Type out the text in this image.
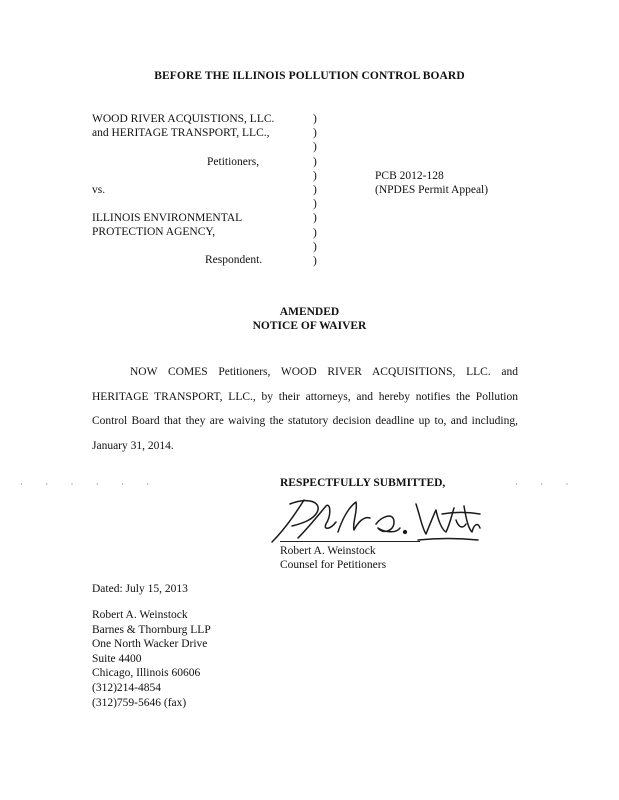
BEFORE THE ILLINOIS POLLUTION CONTROL BOARD
WOOD RIVER ACQUISTIONS, LLC.
and HERITAGE TRANSPORT, LLC.,
Petitioners,
vs.
ILLINOIS ENVIRONMENTAL
PROTECTION AGENCY,
Respondent.
)
)
)
)
)
)
)
)
)
)
)
PCB 2012-128
(NPDES Permit Appeal)
AMENDED
NOTICE OF WAIVER

NOW COMES Petitioners, WOOD RIVER ACQUISITIONS, LLC. and HERITAGE TRANSPORT, LLC., by their attorneys, and hereby notifies the Pollution Control Board that they are waiving the statutory decision deadline up to, and including, January 31, 2014.

· · · · · ·	· · ·
RESPECTFULLY SUBMITTED,
Robert A. Weinstock
Counsel for Petitioners
Dated: July 15, 2013
Robert A. Weinstock
Barnes & Thornburg LLP
One North Wacker Drive
Suite 4400
Chicago, Illinois 60606
(312)214-4854
(312)759-5646 (fax)
